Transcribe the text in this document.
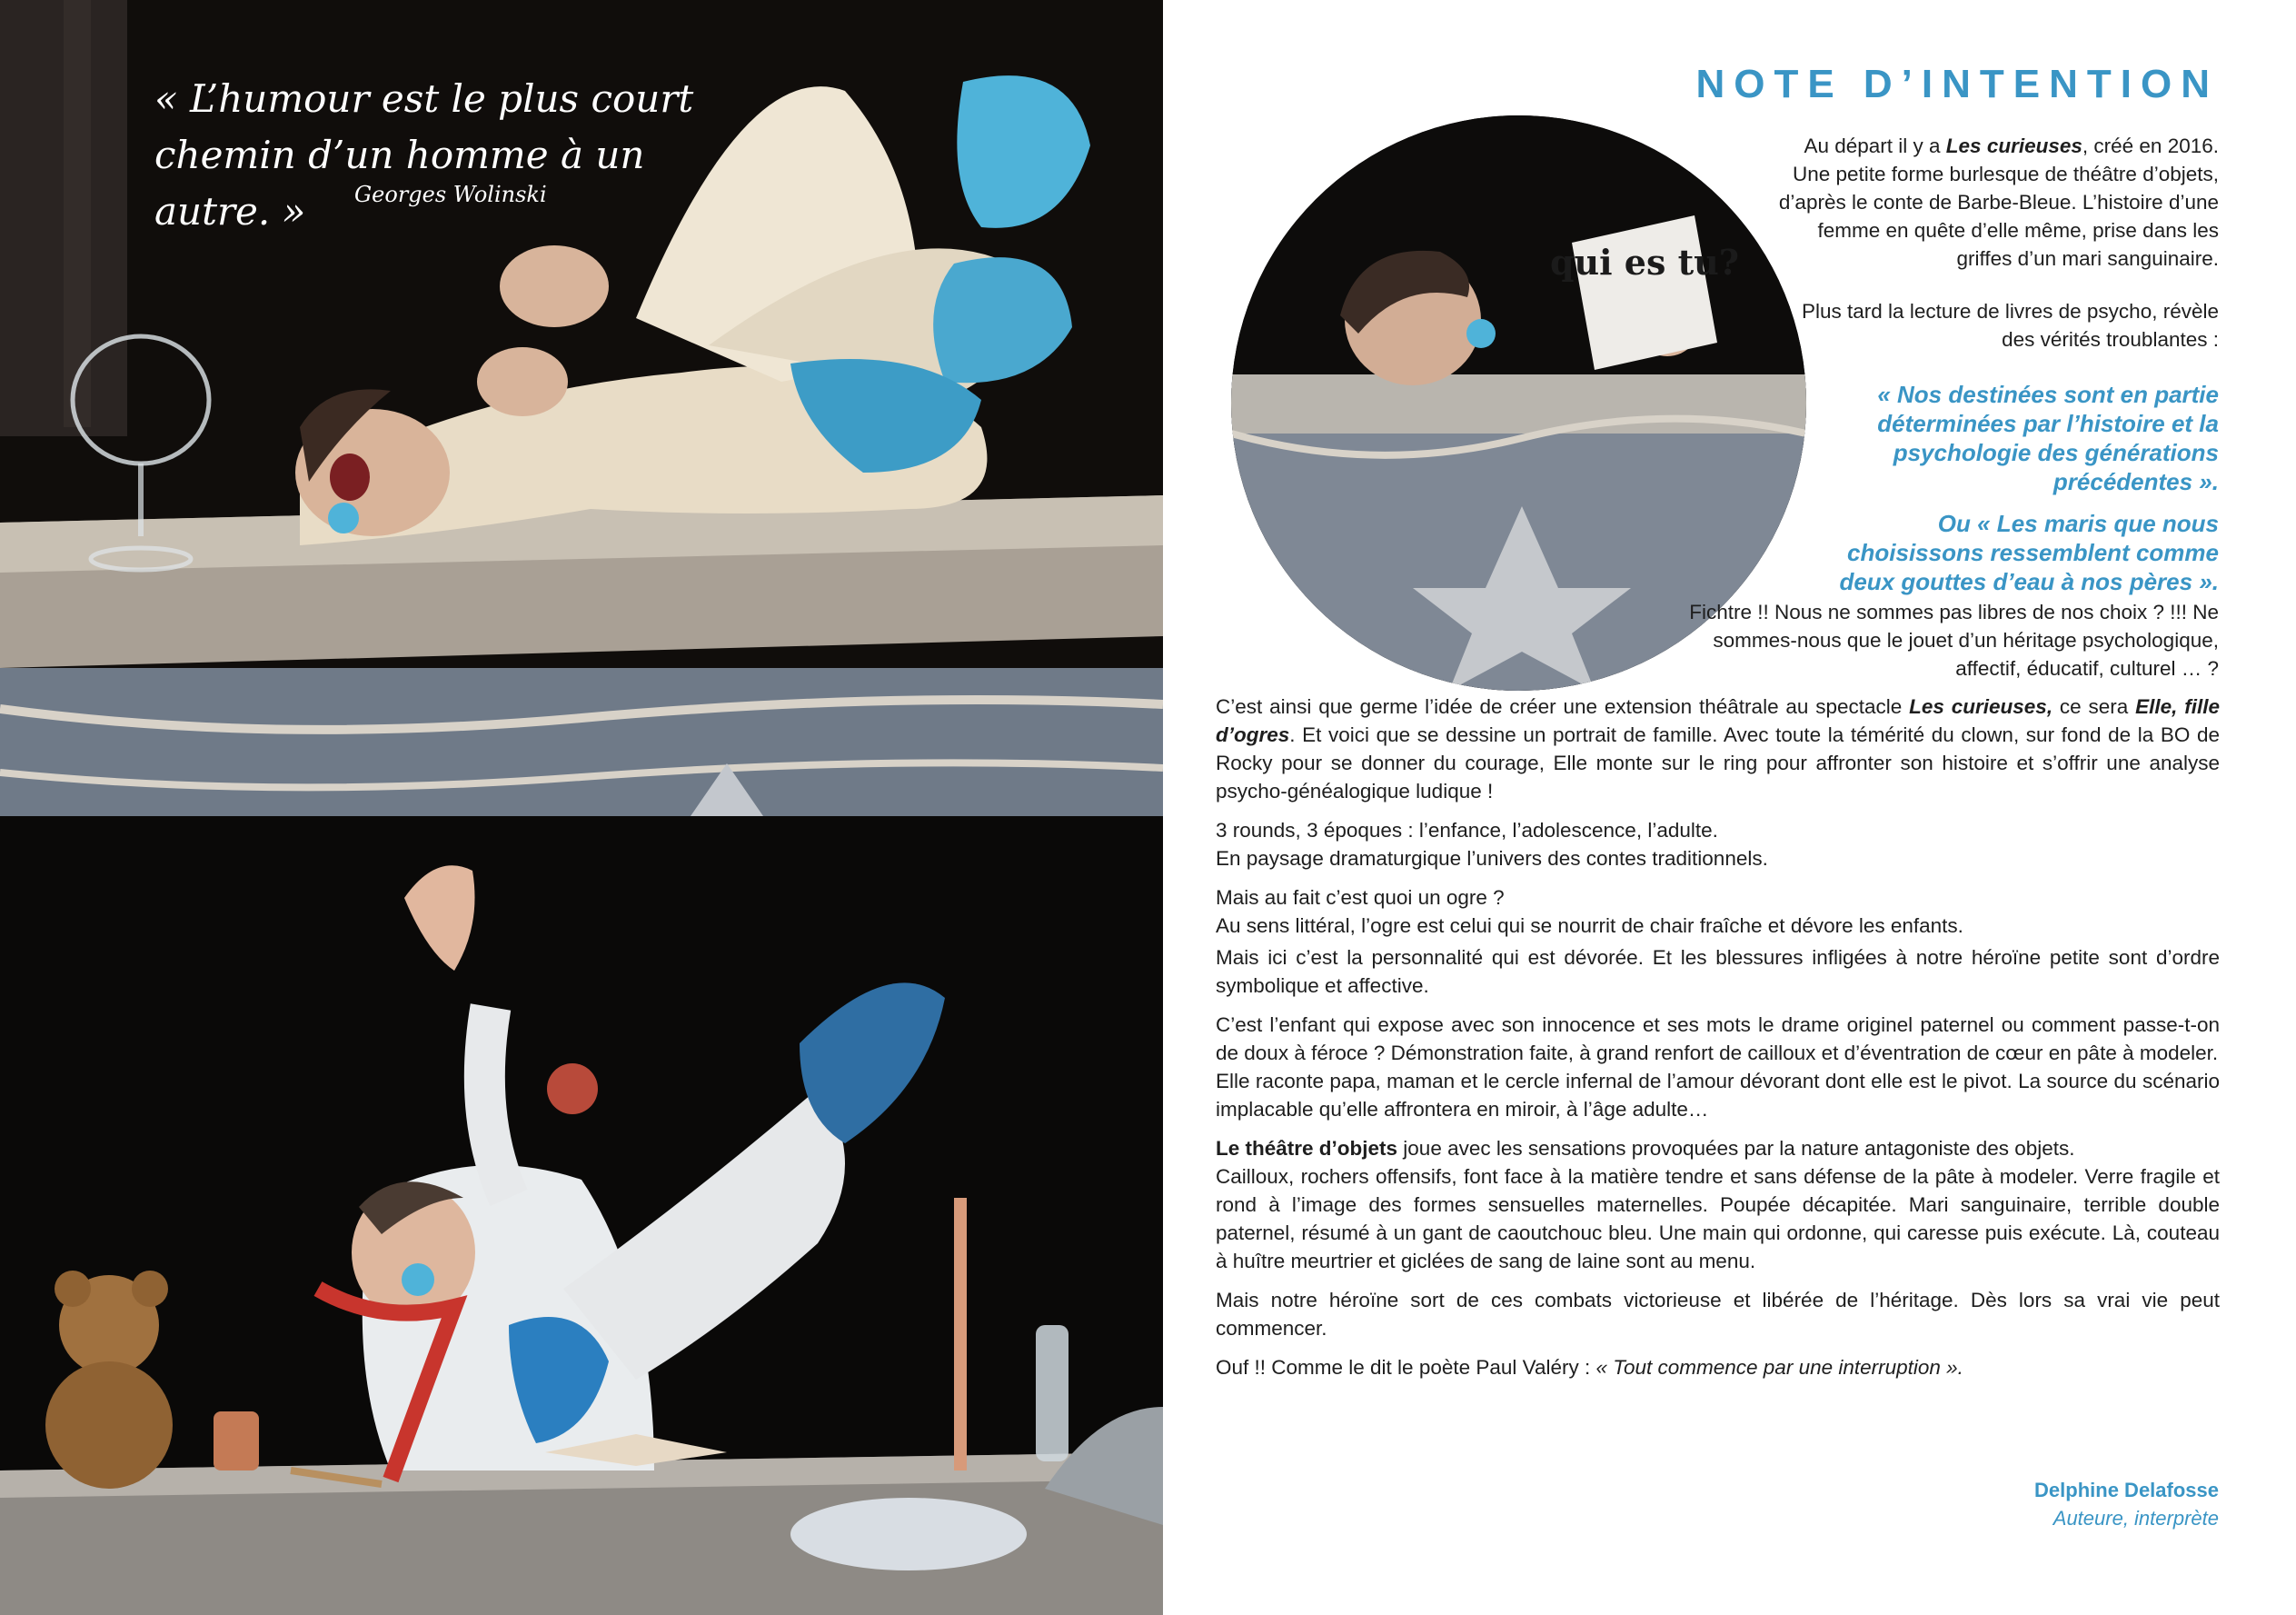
« L’humour est le plus court chemin d’un homme à un autre. »	Georges Wolinski
NOTE D’INTENTION
qui es tu?

Au départ il y a Les curieuses, créé en 2016. Une petite forme burlesque de théâtre d’objets, d’après le conte de Barbe-Bleue. L’histoire d’une femme en quête d’elle même, prise dans les griffes d’un mari sanguinaire.

Plus tard la lecture de livres de psycho, révèle des vérités troublantes :

« Nos destinées sont en partie déterminées par l’histoire et la psychologie des générations précédentes ».

Ou « Les maris que nous choisissons ressemblent comme deux gouttes d’eau à nos pères ».

Fichtre !! Nous ne sommes pas libres de nos choix ? !!! Ne sommes-nous que le jouet d’un héritage psychologique, affectif, éducatif, culturel … ?

C’est ainsi que germe l’idée de créer une extension théâtrale au spectacle Les curieuses, ce sera Elle, fille d’ogres. Et voici que se dessine un portrait de famille. Avec toute la témérité du clown, sur fond de la BO de Rocky pour se donner du courage, Elle monte sur le ring pour affronter son histoire et s’offrir une analyse psycho-généalogique ludique !

3 rounds, 3 époques : l’enfance, l’adolescence, l’adulte.
En paysage dramaturgique l’univers des contes traditionnels.

Mais au fait c’est quoi un ogre ?
Au sens littéral, l’ogre est celui qui se nourrit de chair fraîche et dévore les enfants.

Mais ici c’est la personnalité qui est dévorée. Et les blessures infligées à notre héroïne petite sont d’ordre symbolique et affective.

C’est l’enfant qui expose avec son innocence et ses mots le drame originel paternel ou comment passe-t-on de doux à féroce ? Démonstration faite, à grand renfort de cailloux et d’éventration de cœur en pâte à modeler.
Elle raconte papa, maman et le cercle infernal de l’amour dévorant dont elle est le pivot. La source du scénario implacable qu’elle affrontera en miroir, à l’âge adulte…

Le théâtre d’objets joue avec les sensations provoquées par la nature antagoniste des objets.
Cailloux, rochers offensifs, font face à la matière tendre et sans défense de la pâte à modeler. Verre fragile et rond à l’image des formes sensuelles maternelles. Poupée décapitée. Mari sanguinaire, terrible double paternel, résumé à un gant de caoutchouc bleu. Une main qui ordonne, qui caresse puis exécute. Là, couteau à huître meurtrier et giclées de sang de laine sont au menu.

Mais notre héroïne sort de ces combats victorieuse et libérée de l’héritage. Dès lors sa vrai vie peut commencer.

Ouf !! Comme le dit le poète Paul Valéry : « Tout commence par une interruption ».

Delphine Delafosse
Auteure, interprète
